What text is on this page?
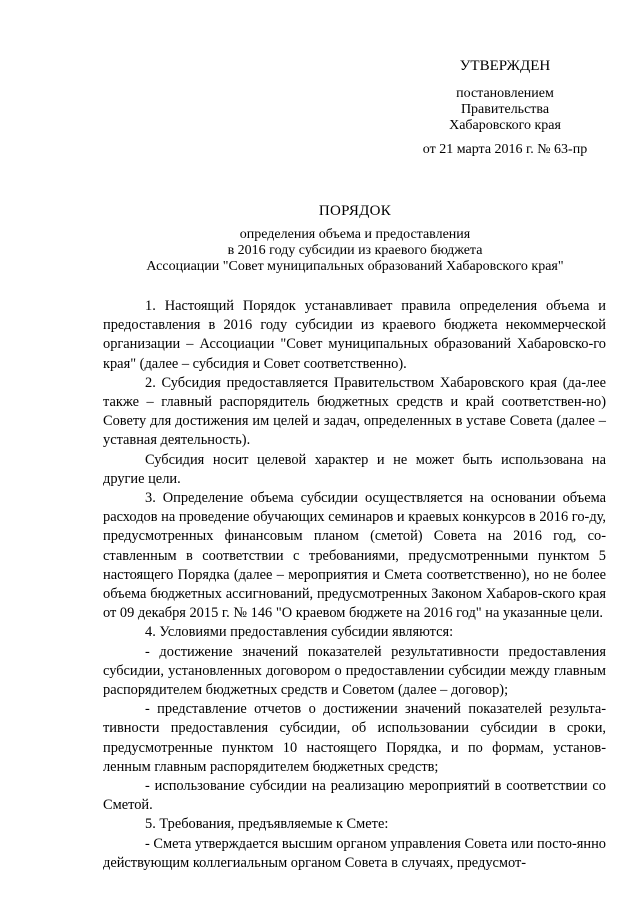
УТВЕРЖДЕН
постановлением
Правительства
Хабаровского края
от 21 марта 2016 г. № 63-пр
ПОРЯДОК
определения объема и предоставления
в 2016 году субсидии из краевого бюджета
Ассоциации "Совет муниципальных образований Хабаровского края"

1. Настоящий Порядок устанавливает правила определения объема и предоставления в 2016 году субсидии из краевого бюджета некоммерческой организации – Ассоциации "Совет муниципальных образований Хабаровско-го края" (далее – субсидия и Совет соответственно).

2. Субсидия предоставляется Правительством Хабаровского края (да-лее также – главный распорядитель бюджетных средств и край соответствен-но) Совету для достижения им целей и задач, определенных в уставе Совета (далее – уставная деятельность).

Субсидия носит целевой характер и не может быть использована на другие цели.

3. Определение объема субсидии осуществляется на основании объема расходов на проведение обучающих семинаров и краевых конкурсов в 2016 го-ду, предусмотренных финансовым планом (сметой) Совета на 2016 год, со-ставленным в соответствии с требованиями, предусмотренными пунктом 5 настоящего Порядка (далее – мероприятия и Смета соответственно), но не более объема бюджетных ассигнований, предусмотренных Законом Хабаров-ского края от 09 декабря 2015 г. № 146 "О краевом бюджете на 2016 год" на указанные цели.

4. Условиями предоставления субсидии являются:

- достижение значений показателей результативности предоставления субсидии, установленных договором о предоставлении субсидии между главным распорядителем бюджетных средств и Советом (далее – договор);

- представление отчетов о достижении значений показателей результа-тивности предоставления субсидии, об использовании субсидии в сроки, предусмотренные пунктом 10 настоящего Порядка, и по формам, установ-ленным главным распорядителем бюджетных средств;

- использование субсидии на реализацию мероприятий в соответствии со Сметой.

5. Требования, предъявляемые к Смете:

- Смета утверждается высшим органом управления Совета или посто-янно действующим коллегиальным органом Совета в случаях, предусмот-
